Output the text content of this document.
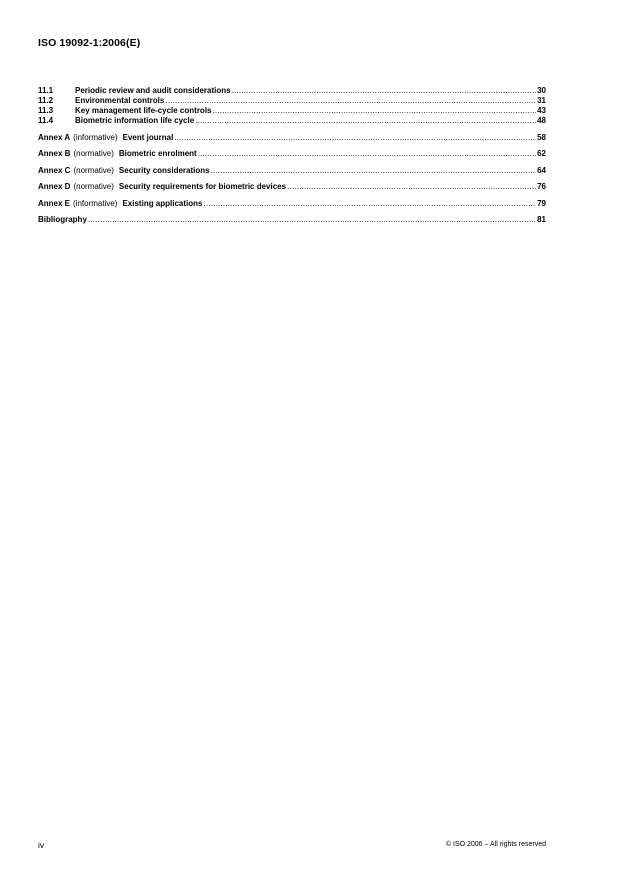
ISO 19092-1:2006(E)
11.1	Periodic review and audit considerations .....	30
11.2	Environmental controls .....	31
11.3	Key management life-cycle controls .....	43
11.4	Biometric information life cycle .....	48
Annex A (informative) Event journal .....	58
Annex B (normative) Biometric enrolment .....	62
Annex C (normative) Security considerations .....	64
Annex D (normative) Security requirements for biometric devices .....	76
Annex E (informative) Existing applications .....	79
Bibliography .....	81
iv	© ISO 2006 – All rights reserved
